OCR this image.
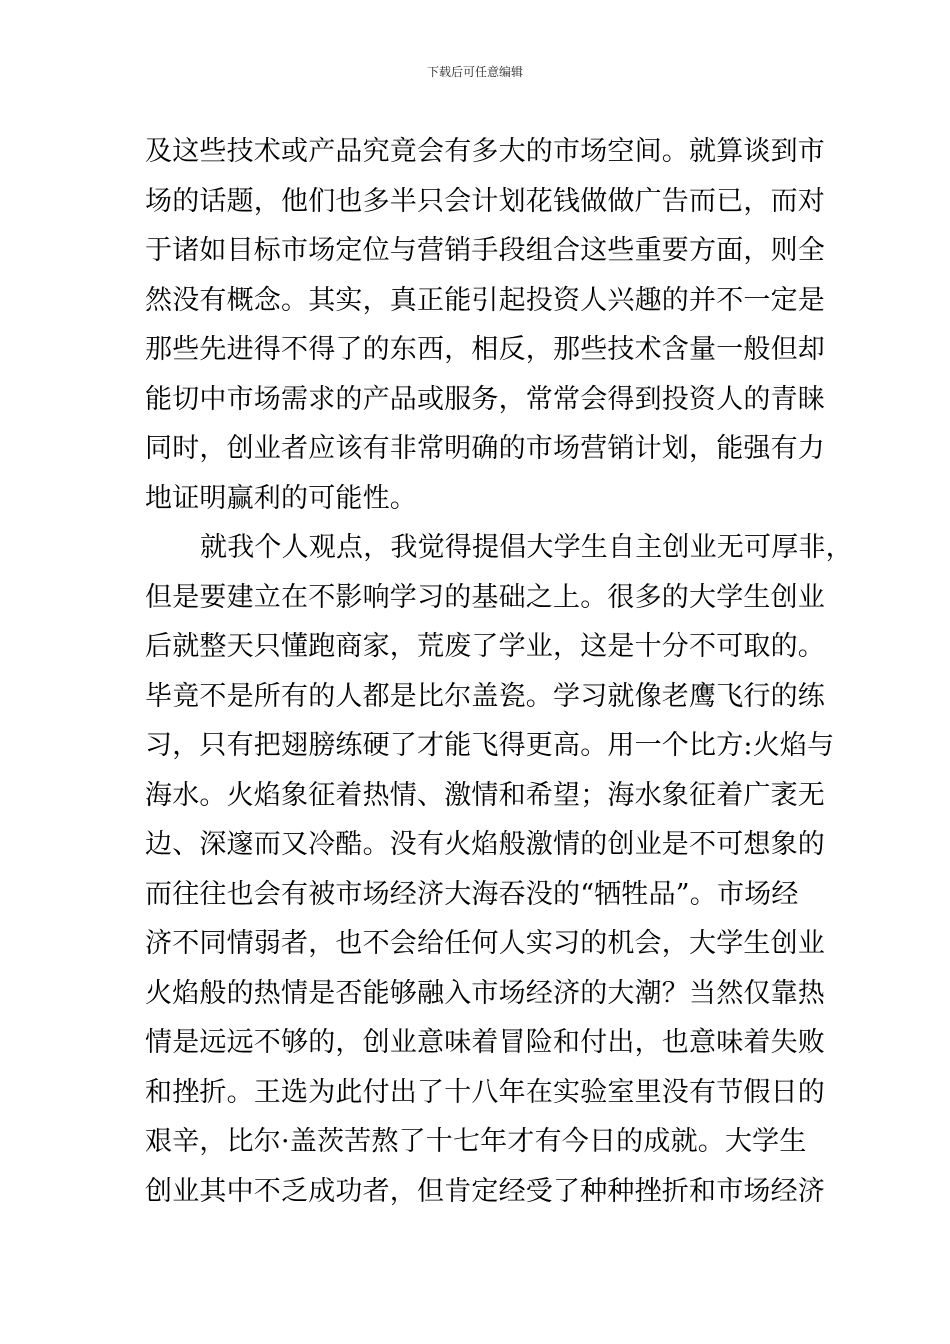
下载后可任意编辑
及这些技术或产品究竟会有多大的市场空间。就算谈到市
场的话题，他们也多半只会计划花钱做做广告而已，而对
于诸如目标市场定位与营销手段组合这些重要方面，则全
然没有概念。其实，真正能引起投资人兴趣的并不一定是
那些先进得不得了的东西，相反，那些技术含量一般但却
能切中市场需求的产品或服务，常常会得到投资人的青睐
同时，创业者应该有非常明确的市场营销计划，能强有力
地证明赢利的可能性。
就我个人观点，我觉得提倡大学生自主创业无可厚非，
但是要建立在不影响学习的基础之上。很多的大学生创业
后就整天只懂跑商家，荒废了学业，这是十分不可取的。
毕竟不是所有的人都是比尔盖瓷。学习就像老鹰飞行的练
习，只有把翅膀练硬了才能飞得更高。用一个比方:火焰与
海水。火焰象征着热情、激情和希望；海水象征着广袤无
边、深邃而又冷酷。没有火焰般激情的创业是不可想象的
而往往也会有被市场经济大海吞没的“牺牲品”。市场经
济不同情弱者，也不会给任何人实习的机会，大学生创业
火焰般的热情是否能够融入市场经济的大潮？当然仅靠热
情是远远不够的，创业意味着冒险和付出，也意味着失败
和挫折。王选为此付出了十八年在实验室里没有节假日的
艰辛，比尔·盖茨苦熬了十七年才有今日的成就。大学生
创业其中不乏成功者，但肯定经受了种种挫折和市场经济
